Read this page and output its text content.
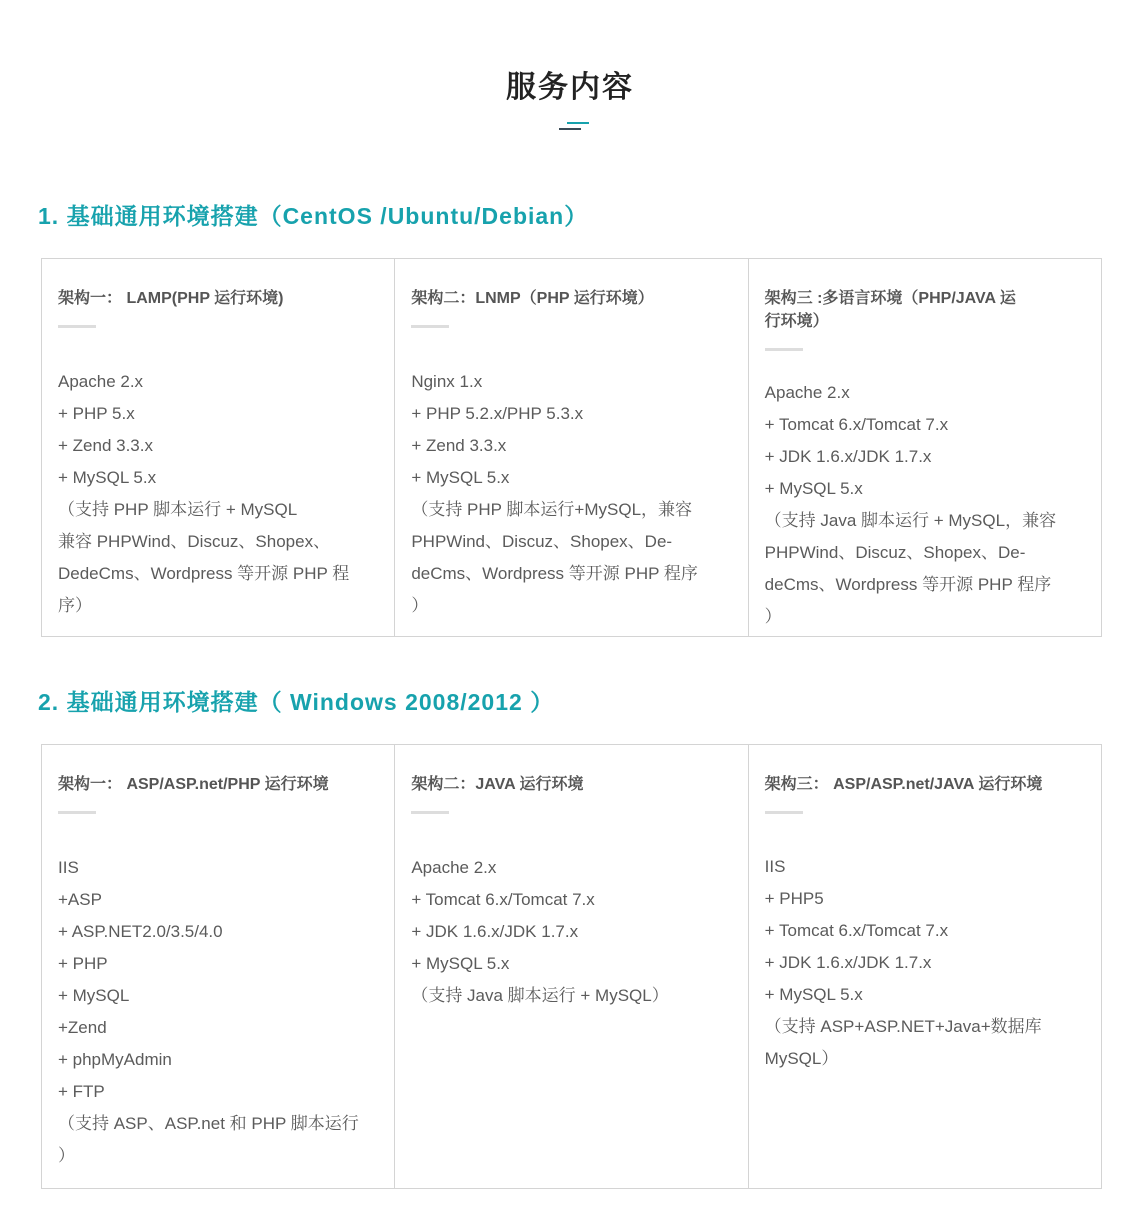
服务内容
1. 基础通用环境搭建（CentOS /Ubuntu/Debian）
架构一： LAMP(PHP 运行环境)
Apache 2.x
+ PHP 5.x
+ Zend 3.3.x
+ MySQL 5.x
（支持 PHP 脚本运行 + MySQL
兼容 PHPWind、Discuz、Shopex、
DedeCms、Wordpress 等开源 PHP 程
序）
架构二：LNMP（PHP 运行环境）
Nginx 1.x
+ PHP 5.2.x/PHP 5.3.x
+ Zend 3.3.x
+ MySQL 5.x
（支持 PHP 脚本运行+MySQL，兼容
PHPWind、Discuz、Shopex、De-
deCms、Wordpress 等开源 PHP 程序
）
架构三 :多语言环境（PHP/JAVA 运
行环境）
Apache 2.x
+ Tomcat 6.x/Tomcat 7.x
+ JDK 1.6.x/JDK 1.7.x
+ MySQL 5.x
（支持 Java 脚本运行 + MySQL，兼容
PHPWind、Discuz、Shopex、De-
deCms、Wordpress 等开源 PHP 程序
）
2. 基础通用环境搭建（ Windows 2008/2012 ）
架构一： ASP/ASP.net/PHP 运行环境
IIS
+ASP
+ ASP.NET2.0/3.5/4.0
+ PHP
+ MySQL
+Zend
+ phpMyAdmin
+ FTP
（支持 ASP、ASP.net 和 PHP 脚本运行
）
架构二：JAVA 运行环境
Apache 2.x
+ Tomcat 6.x/Tomcat 7.x
+ JDK 1.6.x/JDK 1.7.x
+ MySQL 5.x
（支持 Java 脚本运行 + MySQL）
架构三： ASP/ASP.net/JAVA 运行环境
IIS
+ PHP5
+ Tomcat 6.x/Tomcat 7.x
+ JDK 1.6.x/JDK 1.7.x
+ MySQL 5.x
（支持 ASP+ASP.NET+Java+数据库
MySQL）
